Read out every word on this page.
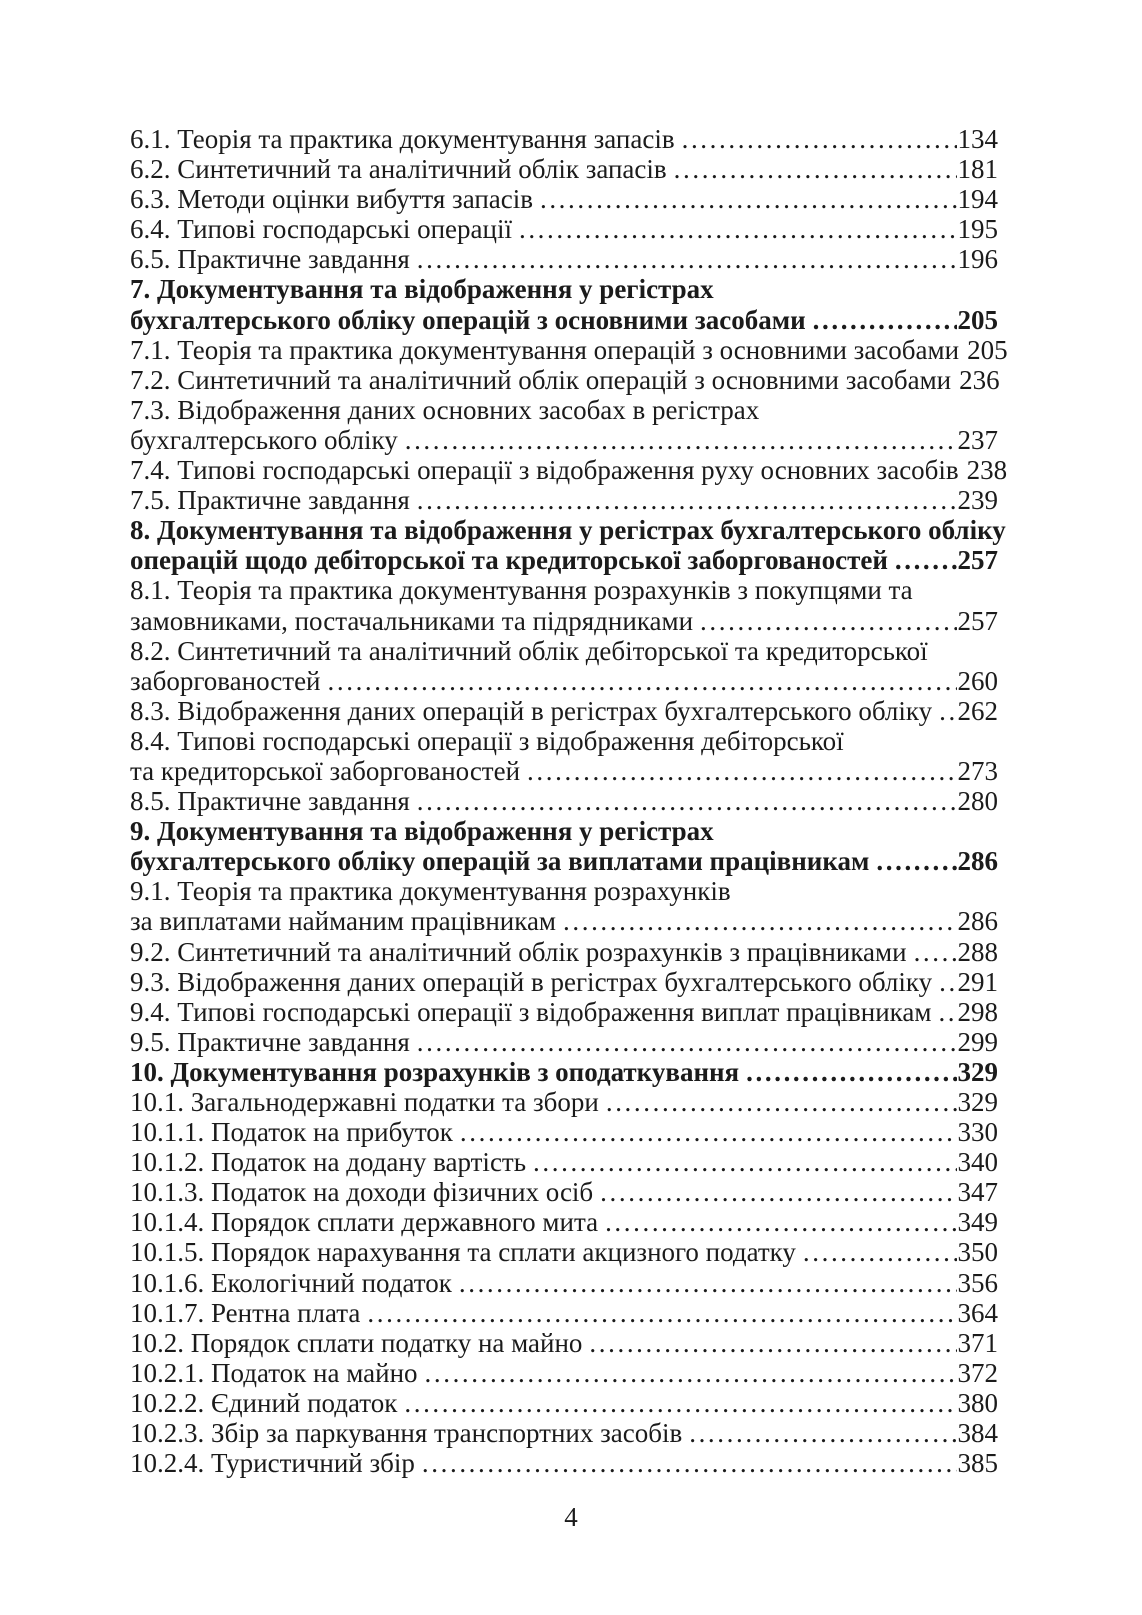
6.1. Теорія та практика документування запасів .....	134
6.2. Синтетичний та аналітичний облік запасів .....	181
6.3. Методи оцінки вибуття запасів .....	194
6.4. Типові господарські операції .....	195
6.5. Практичне завдання .....	196
7. Документування та відображення у регістрах
бухгалтерського обліку операцій з основними засобами .....	205
7.1. Теорія та практика документування операцій з основними засобами 205
7.2. Синтетичний та аналітичний облік операцій з основними засобами 236
7.3. Відображення даних основних засобах в регістрах
бухгалтерського обліку .....	237
7.4. Типові господарські операції з відображення руху основних засобів 238
7.5. Практичне завдання .....	239
8. Документування та відображення у регістрах бухгалтерського обліку
операцій щодо дебіторської та кредиторської заборгованостей .....	257
8.1. Теорія та практика документування розрахунків з покупцями та
замовниками, постачальниками та підрядниками .....	257
8.2. Синтетичний та аналітичний облік дебіторської та кредиторської
заборгованостей .....	260
8.3. Відображення даних операцій в регістрах бухгалтерського обліку ..... 262
8.4. Типові господарські операції з відображення дебіторської
та кредиторської заборгованостей .....	273
8.5. Практичне завдання .....	280
9. Документування та відображення у регістрах
бухгалтерського обліку операцій за виплатами працівникам .....	286
9.1. Теорія та практика документування розрахунків
за виплатами найманим працівникам .....	286
9.2. Синтетичний та аналітичний облік розрахунків з працівниками ..... 288
9.3. Відображення даних операцій в регістрах бухгалтерського обліку ..... 291
9.4. Типові господарські операції з відображення виплат працівникам ..... 298
9.5. Практичне завдання .....	299
10. Документування розрахунків з оподаткування .....	329
10.1. Загальнодержавні податки та збори .....	329
10.1.1. Податок на прибуток .....	330
10.1.2. Податок на додану вартість .....	340
10.1.3. Податок на доходи фізичних осіб .....	347
10.1.4. Порядок сплати державного мита .....	349
10.1.5. Порядок нарахування та сплати акцизного податку .....	350
10.1.6. Екологічний податок .....	356
10.1.7. Рентна плата .....	364
10.2. Порядок сплати податку на майно .....	371
10.2.1. Податок на майно .....	372
10.2.2. Єдиний податок .....	380
10.2.3. Збір за паркування транспортних засобів .....	384
10.2.4. Туристичний збір .....	385
4
